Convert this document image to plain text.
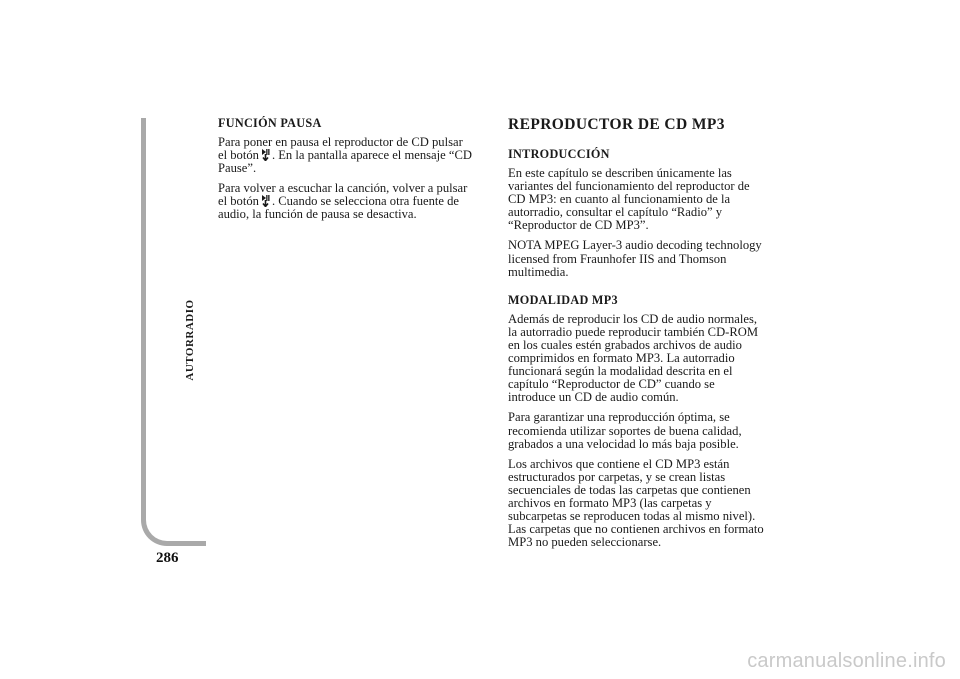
AUTORRADIO
286
FUNCIÓN PAUSA

Para poner en pausa el reproductor de CD pulsar
el botón . En la pantalla aparece el mensaje “CD
Pause”.

Para volver a escuchar la canción, volver a pulsar
el botón . Cuando se selecciona otra fuente de
audio, la función de pausa se desactiva.

REPRODUCTOR DE CD MP3
INTRODUCCIÓN

En este capítulo se describen únicamente las
variantes del funcionamiento del reproductor de
CD MP3: en cuanto al funcionamiento de la
autorradio, consultar el capítulo “Radio” y
“Reproductor de CD MP3”.

NOTA MPEG Layer-3 audio decoding technology
licensed from Fraunhofer IIS and Thomson
multimedia.

MODALIDAD MP3

Además de reproducir los CD de audio normales,
la autorradio puede reproducir también CD-ROM
en los cuales estén grabados archivos de audio
comprimidos en formato MP3. La autorradio
funcionará según la modalidad descrita en el
capítulo “Reproductor de CD” cuando se
introduce un CD de audio común.

Para garantizar una reproducción óptima, se
recomienda utilizar soportes de buena calidad,
grabados a una velocidad lo más baja posible.

Los archivos que contiene el CD MP3 están
estructurados por carpetas, y se crean listas
secuenciales de todas las carpetas que contienen
archivos en formato MP3 (las carpetas y
subcarpetas se reproducen todas al mismo nivel).
Las carpetas que no contienen archivos en formato
MP3 no pueden seleccionarse.

carmanualsonline.info
